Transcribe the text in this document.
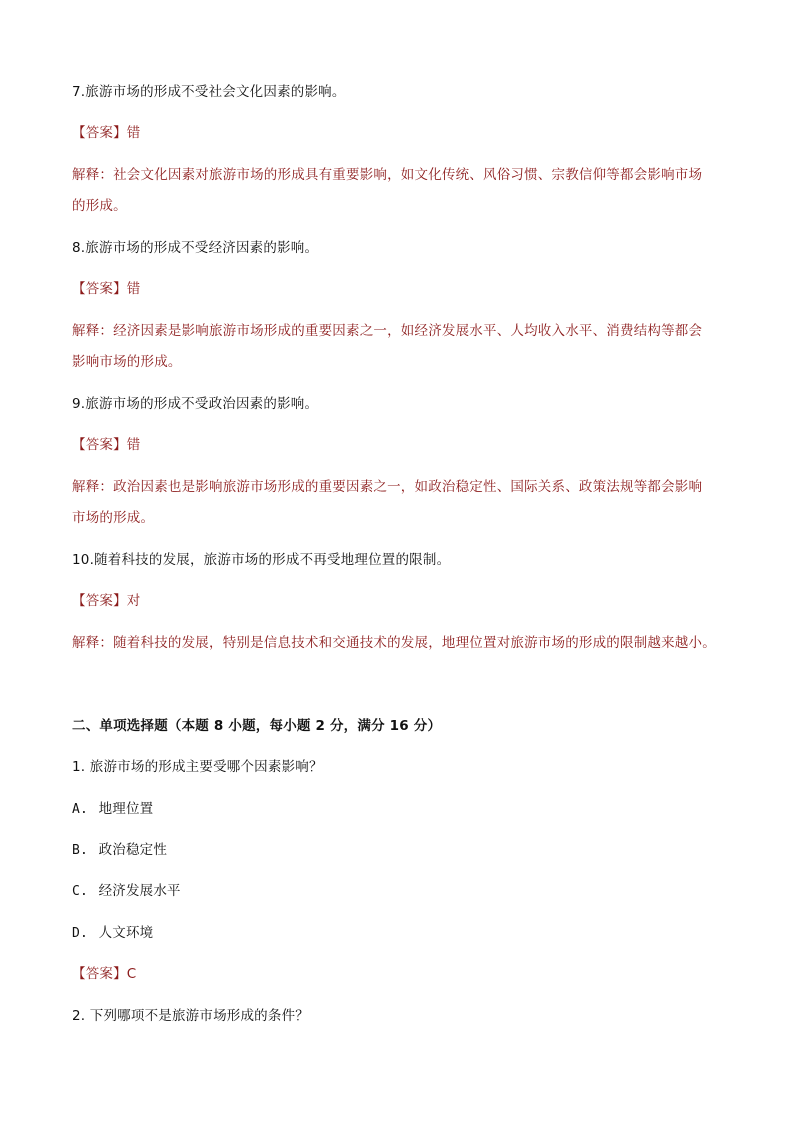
7.旅游市场的形成不受社会文化因素的影响。
【答案】错
解释：社会文化因素对旅游市场的形成具有重要影响，如文化传统、风俗习惯、宗教信仰等都会影响市场
的形成。
8.旅游市场的形成不受经济因素的影响。
【答案】错
解释：经济因素是影响旅游市场形成的重要因素之一，如经济发展水平、人均收入水平、消费结构等都会
影响市场的形成。
9.旅游市场的形成不受政治因素的影响。
【答案】错
解释：政治因素也是影响旅游市场形成的重要因素之一，如政治稳定性、国际关系、政策法规等都会影响
市场的形成。
10.随着科技的发展，旅游市场的形成不再受地理位置的限制。
【答案】对
解释：随着科技的发展，特别是信息技术和交通技术的发展，地理位置对旅游市场的形成的限制越来越小。
二、单项选择题（本题 8 小题，每小题 2 分，满分 16 分）
1. 旅游市场的形成主要受哪个因素影响？
A. 地理位置
B. 政治稳定性
C. 经济发展水平
D. 人文环境
【答案】C
2. 下列哪项不是旅游市场形成的条件？
